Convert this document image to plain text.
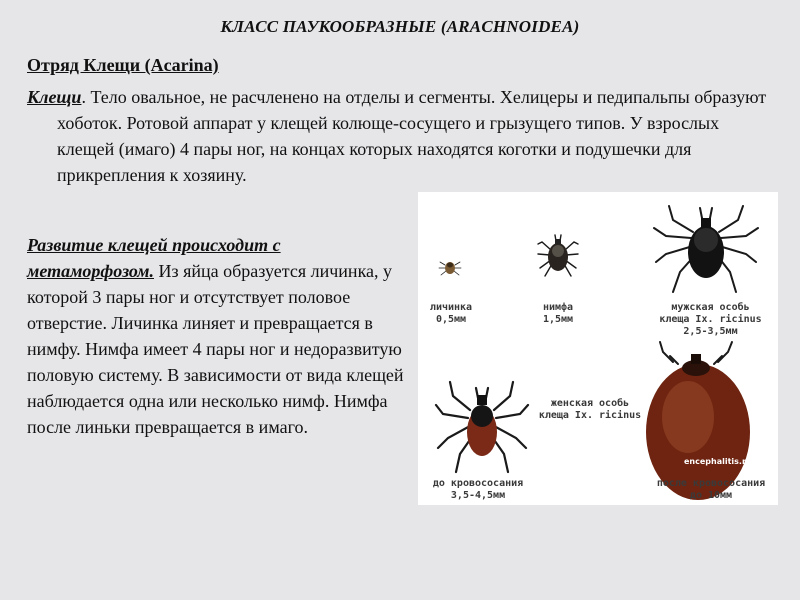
КЛАСС ПАУКООБРАЗНЫЕ (ARACHNOIDEA)
Отряд Клещи (Acarina)
Клещи. Тело овальное, не расчленено на отделы и сегменты. Хелицеры и педипальпы образуют хоботок. Ротовой аппарат у клещей колюще-сосущего и грызущего типов. У взрослых клещей (имаго) 4 пары ног, на концах которых находятся коготки и подушечки для прикрепления к хозяину.
Развитие клещей происходит с метаморфозом. Из яйца образуется личинка, у которой 3 пары ног и отсутствует половое отверстие. Личинка линяет и превращается в нимфу. Нимфа имеет 4 пары ног и недоразвитую половую систему. В зависимости от вида клещей наблюдается одна или несколько нимф. Нимфа после линьки превращается в имаго.
личинка
0,5мм
нимфа
1,5мм
мужская особь
клеща Ix. ricinus
2,5-3,5мм
женская особь
клеща Ix. ricinus
до кровососания
3,5-4,5мм
после кровососания
до 10мм
encephalitis.ru
